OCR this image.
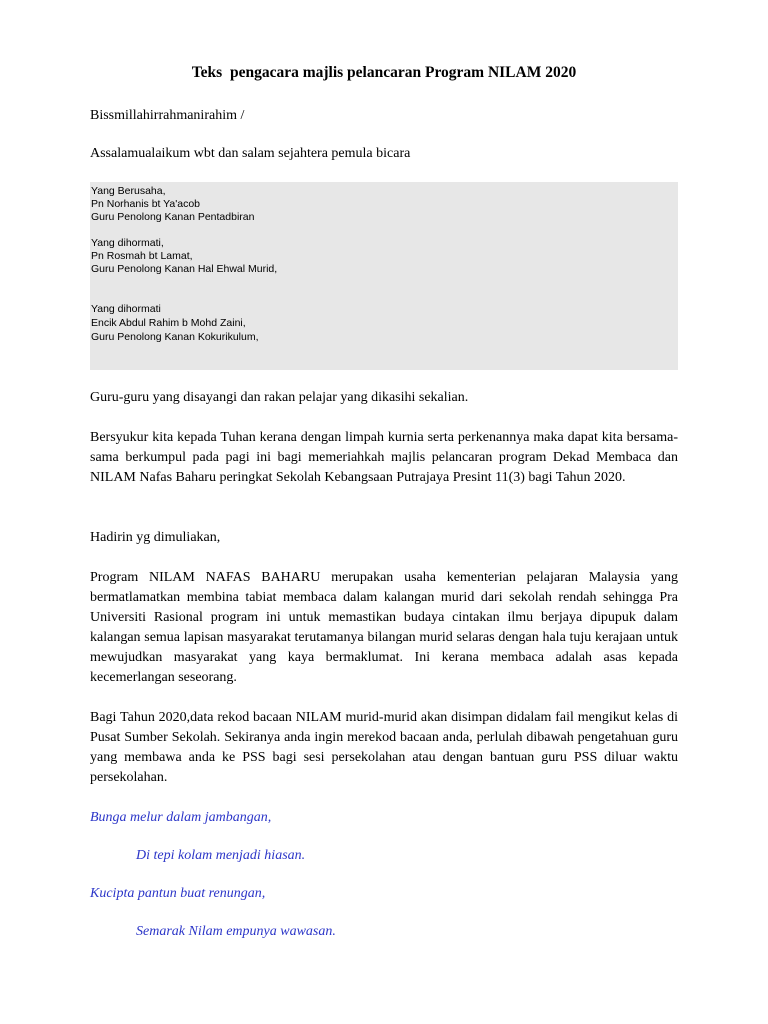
Teks  pengacara majlis pelancaran Program NILAM 2020
Bissmillahirrahmanirahim /
Assalamualaikum wbt dan salam sejahtera pemula bicara
Yang Berusaha,
Pn Norhanis bt Ya'acob
Guru Penolong Kanan Pentadbiran
Yang dihormati,
Pn Rosmah bt Lamat,
Guru Penolong Kanan Hal Ehwal Murid,
Yang dihormati
Encik Abdul Rahim b Mohd Zaini,
Guru Penolong Kanan Kokurikulum,
Guru-guru yang disayangi dan rakan pelajar yang dikasihi sekalian.
Bersyukur kita kepada Tuhan kerana dengan limpah kurnia serta perkenannya maka dapat kita bersama-sama berkumpul pada pagi ini bagi memeriahkah majlis pelancaran program Dekad Membaca dan NILAM Nafas Baharu peringkat Sekolah Kebangsaan Putrajaya Presint 11(3) bagi Tahun 2020.
Hadirin yg dimuliakan,
Program NILAM NAFAS BAHARU merupakan usaha kementerian pelajaran Malaysia yang bermatlamatkan membina tabiat membaca dalam kalangan murid dari sekolah rendah sehingga Pra Universiti Rasional program ini untuk memastikan budaya cintakan ilmu berjaya dipupuk dalam kalangan semua lapisan masyarakat terutamanya bilangan murid selaras dengan hala tuju kerajaan untuk mewujudkan masyarakat yang kaya bermaklumat. Ini kerana membaca adalah asas kepada kecemerlangan seseorang.
Bagi Tahun 2020,data rekod bacaan NILAM murid-murid akan disimpan didalam fail mengikut kelas di Pusat Sumber Sekolah. Sekiranya anda ingin merekod bacaan anda, perlulah dibawah pengetahuan guru yang membawa anda ke PSS bagi sesi persekolahan atau dengan bantuan guru PSS diluar waktu persekolahan.
Bunga melur dalam jambangan,
Di tepi kolam menjadi hiasan.
Kucipta pantun buat renungan,
Semarak Nilam empunya wawasan.
